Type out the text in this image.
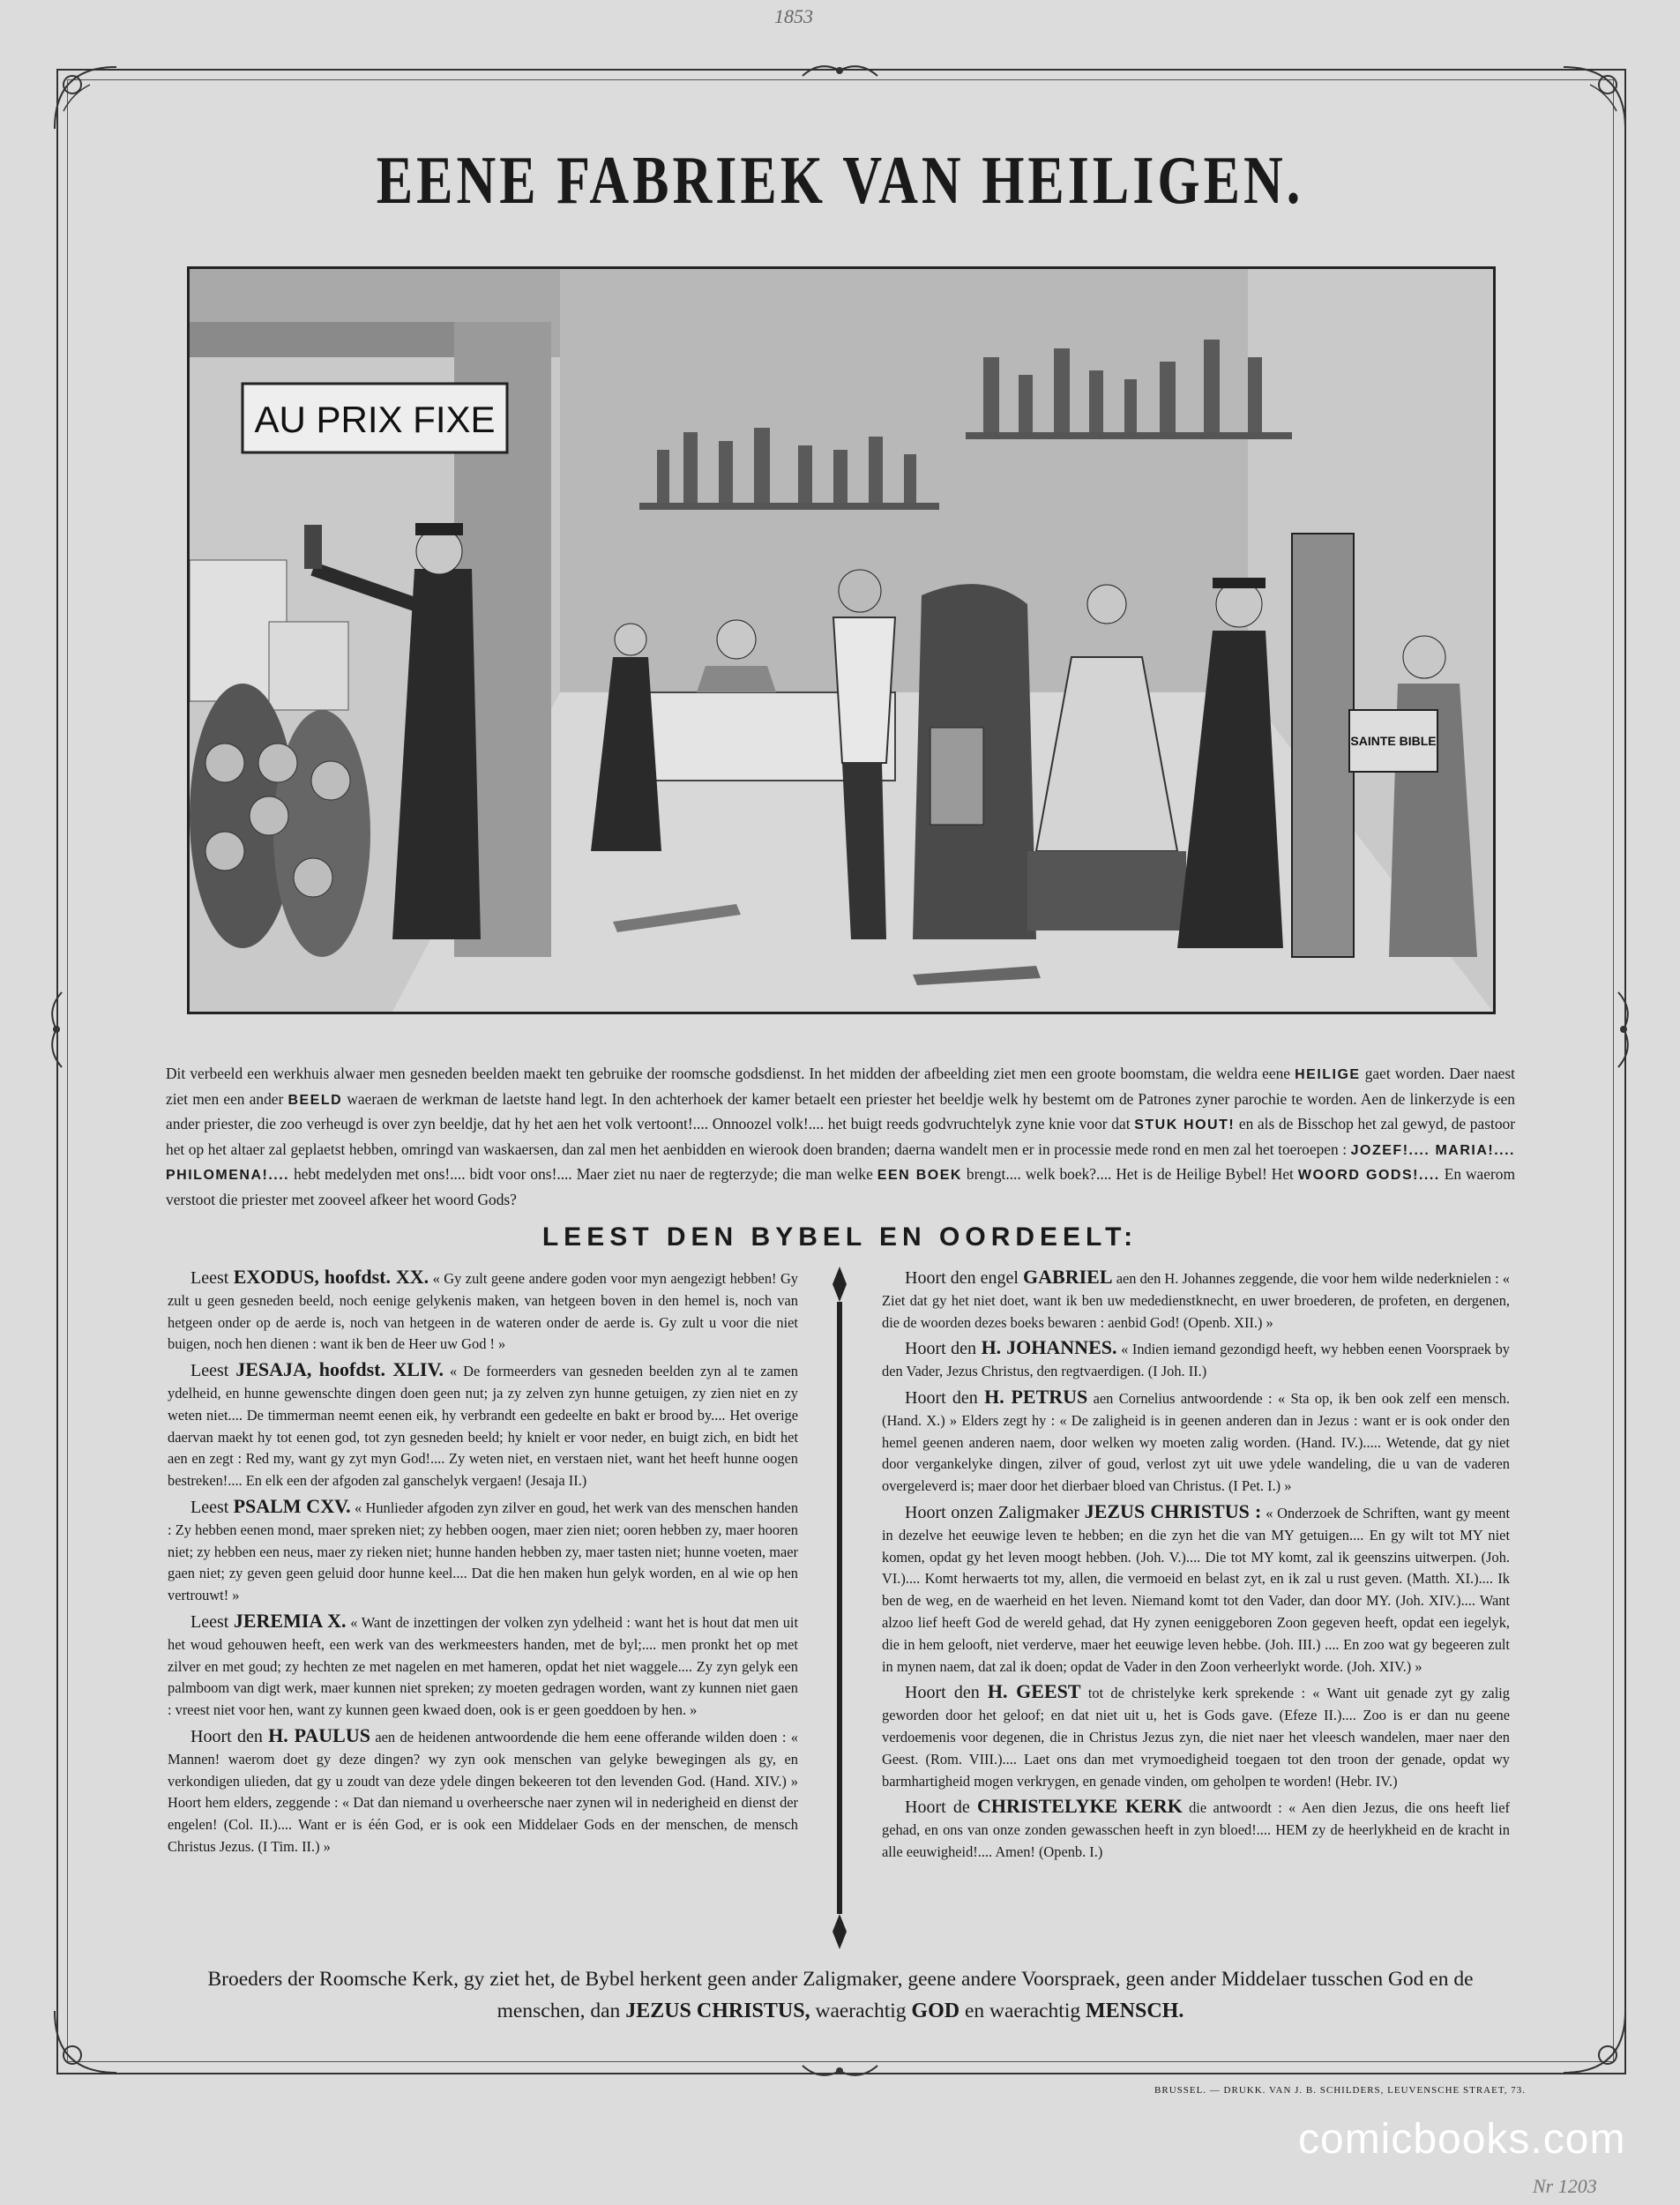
1853
EENE FABRIEK VAN HEILIGEN.
AU PRIX FIXE
SAINTE BIBLE
Dit verbeeld een werkhuis alwaer men gesneden beelden maekt ten gebruike der roomsche godsdienst. In het midden der afbeelding ziet men een groote boomstam, die weldra eene HEILIGE gaet worden. Daer naest ziet men een ander BEELD waeraen de werkman de laetste hand legt. In den achterhoek der kamer betaelt een priester het beeldje welk hy bestemt om de Patrones zyner parochie te worden. Aen de linkerzyde is een ander priester, die zoo verheugd is over zyn beeldje, dat hy het aen het volk vertoont!.... Onnoozel volk!.... het buigt reeds godvruchtelyk zyne knie voor dat STUK HOUT! en als de Bisschop het zal gewyd, de pastoor het op het altaer zal geplaetst hebben, omringd van waskaersen, dan zal men het aenbidden en wierook doen branden; daerna wandelt men er in processie mede rond en men zal het toeroepen : JOZEF!.... MARIA!.... PHILOMENA!.... hebt medelyden met ons!.... bidt voor ons!.... Maer ziet nu naer de regterzyde; die man welke EEN BOEK brengt.... welk boek?.... Het is de Heilige Bybel! Het WOORD GODS!.... En waerom verstoot die priester met zooveel afkeer het woord Gods?
LEEST DEN BYBEL EN OORDEELT:

Leest EXODUS, hoofdst. XX. « Gy zult geene andere goden voor myn aengezigt hebben! Gy zult u geen gesneden beeld, noch eenige gelykenis maken, van hetgeen boven in den hemel is, noch van hetgeen onder op de aerde is, noch van hetgeen in de wateren onder de aerde is. Gy zult u voor die niet buigen, noch hen dienen : want ik ben de Heer uw God ! »

Leest JESAJA, hoofdst. XLIV. « De formeerders van gesneden beelden zyn al te zamen ydelheid, en hunne gewenschte dingen doen geen nut; ja zy zelven zyn hunne getuigen, zy zien niet en zy weten niet.... De timmerman neemt eenen eik, hy verbrandt een gedeelte en bakt er brood by.... Het overige daervan maekt hy tot eenen god, tot zyn gesneden beeld; hy knielt er voor neder, en buigt zich, en bidt het aen en zegt : Red my, want gy zyt myn God!.... Zy weten niet, en verstaen niet, want het heeft hunne oogen bestreken!.... En elk een der afgoden zal ganschelyk vergaen! (Jesaja II.)

Leest PSALM CXV. « Hunlieder afgoden zyn zilver en goud, het werk van des menschen handen : Zy hebben eenen mond, maer spreken niet; zy hebben oogen, maer zien niet; ooren hebben zy, maer hooren niet; zy hebben een neus, maer zy rieken niet; hunne handen hebben zy, maer tasten niet; hunne voeten, maer gaen niet; zy geven geen geluid door hunne keel.... Dat die hen maken hun gelyk worden, en al wie op hen vertrouwt! »

Leest JEREMIA X. « Want de inzettingen der volken zyn ydelheid : want het is hout dat men uit het woud gehouwen heeft, een werk van des werkmeesters handen, met de byl;.... men pronkt het op met zilver en met goud; zy hechten ze met nagelen en met hameren, opdat het niet waggele.... Zy zyn gelyk een palmboom van digt werk, maer kunnen niet spreken; zy moeten gedragen worden, want zy kunnen niet gaen : vreest niet voor hen, want zy kunnen geen kwaed doen, ook is er geen goeddoen by hen. »

Hoort den H. PAULUS aen de heidenen antwoordende die hem eene offerande wilden doen : « Mannen! waerom doet gy deze dingen? wy zyn ook menschen van gelyke bewegingen als gy, en verkondigen ulieden, dat gy u zoudt van deze ydele dingen bekeeren tot den levenden God. (Hand. XIV.) » Hoort hem elders, zeggende : « Dat dan niemand u overheersche naer zynen wil in nederigheid en dienst der engelen! (Col. II.).... Want er is één God, er is ook een Middelaer Gods en der menschen, de mensch Christus Jezus. (I Tim. II.) »

Hoort den engel GABRIEL aen den H. Johannes zeggende, die voor hem wilde nederknielen : « Ziet dat gy het niet doet, want ik ben uw mededienstknecht, en uwer broederen, de profeten, en dergenen, die de woorden dezes boeks bewaren : aenbid God! (Openb. XII.) »

Hoort den H. JOHANNES. « Indien iemand gezondigd heeft, wy hebben eenen Voorspraek by den Vader, Jezus Christus, den regtvaerdigen. (I Joh. II.)

Hoort den H. PETRUS aen Cornelius antwoordende : « Sta op, ik ben ook zelf een mensch. (Hand. X.) » Elders zegt hy : « De zaligheid is in geenen anderen dan in Jezus : want er is ook onder den hemel geenen anderen naem, door welken wy moeten zalig worden. (Hand. IV.)..... Wetende, dat gy niet door vergankelyke dingen, zilver of goud, verlost zyt uit uwe ydele wandeling, die u van de vaderen overgeleverd is; maer door het dierbaer bloed van Christus. (I Pet. I.) »

Hoort onzen Zaligmaker JEZUS CHRISTUS : « Onderzoek de Schriften, want gy meent in dezelve het eeuwige leven te hebben; en die zyn het die van MY getuigen.... En gy wilt tot MY niet komen, opdat gy het leven moogt hebben. (Joh. V.).... Die tot MY komt, zal ik geenszins uitwerpen. (Joh. VI.).... Komt herwaerts tot my, allen, die vermoeid en belast zyt, en ik zal u rust geven. (Matth. XI.).... Ik ben de weg, en de waerheid en het leven. Niemand komt tot den Vader, dan door MY. (Joh. XIV.).... Want alzoo lief heeft God de wereld gehad, dat Hy zynen eeniggeboren Zoon gegeven heeft, opdat een iegelyk, die in hem gelooft, niet verderve, maer het eeuwige leven hebbe. (Joh. III.) .... En zoo wat gy begeeren zult in mynen naem, dat zal ik doen; opdat de Vader in den Zoon verheerlykt worde. (Joh. XIV.) »

Hoort den H. GEEST tot de christelyke kerk sprekende : « Want uit genade zyt gy zalig geworden door het geloof; en dat niet uit u, het is Gods gave. (Efeze II.).... Zoo is er dan nu geene verdoemenis voor degenen, die in Christus Jezus zyn, die niet naer het vleesch wandelen, maer naer den Geest. (Rom. VIII.).... Laet ons dan met vrymoedigheid toegaen tot den troon der genade, opdat wy barmhartigheid mogen verkrygen, en genade vinden, om geholpen te worden! (Hebr. IV.)

Hoort de CHRISTELYKE KERK die antwoordt : « Aen dien Jezus, die ons heeft lief gehad, en ons van onze zonden gewasschen heeft in zyn bloed!.... HEM zy de heerlykheid en de kracht in alle eeuwigheid!.... Amen! (Openb. I.)

Broeders der Roomsche Kerk, gy ziet het, de Bybel herkent geen ander Zaligmaker, geene andere Voorspraek, geen ander Middelaer tusschen God en de menschen, dan JEZUS CHRISTUS, waerachtig GOD en waerachtig MENSCH.
BRUSSEL. — DRUKK. VAN J. B. SCHILDERS, LEUVENSCHE STRAET, 73.
comicbooks.com
Nr 1203
